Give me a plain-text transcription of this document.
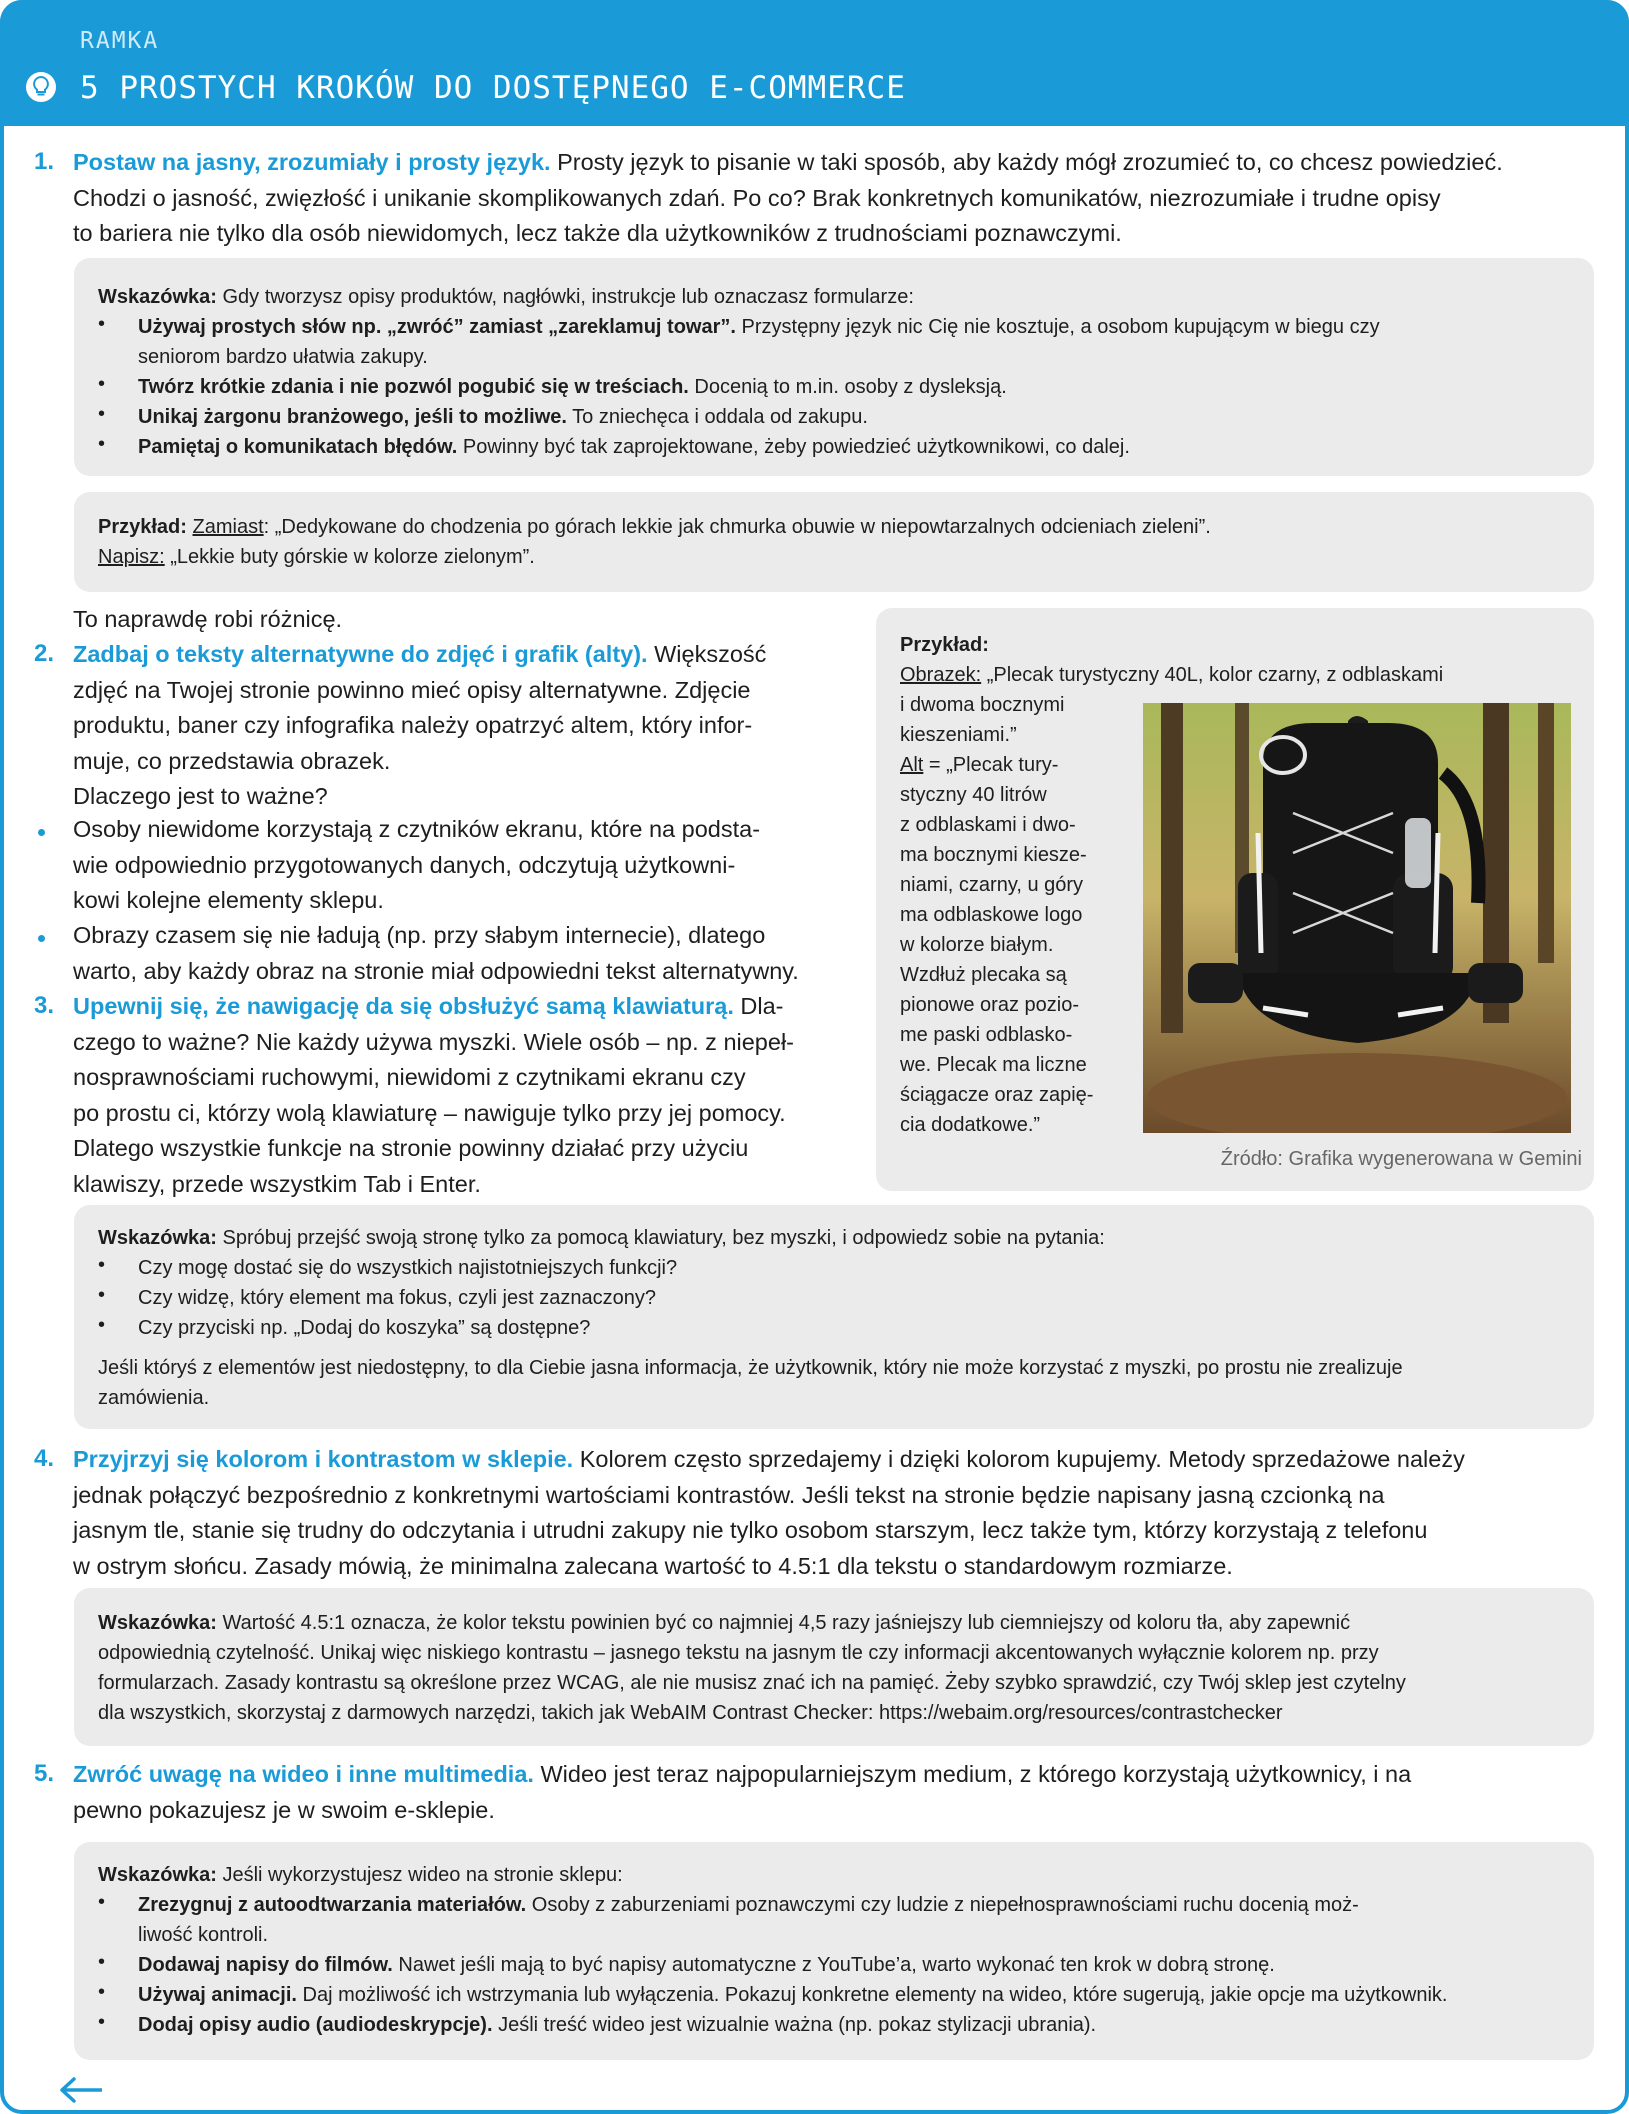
RAMKA
5 PROSTYCH KROKÓW DO DOSTĘPNEGO E-COMMERCE
1. Postaw na jasny, zrozumiały i prosty język. Prosty język to pisanie w taki sposób, aby każdy mógł zrozumieć to, co chcesz powiedzieć.
Chodzi o jasność, zwięzłość i unikanie skomplikowanych zdań. Po co? Brak konkretnych komunikatów, niezrozumiałe i trudne opisy
to bariera nie tylko dla osób niewidomych, lecz także dla użytkowników z trudnościami poznawczymi.
Wskazówka: Gdy tworzysz opisy produktów, nagłówki, instrukcje lub oznaczasz formularze:
• Używaj prostych słów np. „zwróć” zamiast „zareklamuj towar”. Przystępny język nic Cię nie kosztuje, a osobom kupującym w biegu czy
seniorom bardzo ułatwia zakupy.
• Twórz krótkie zdania i nie pozwól pogubić się w treściach. Docenią to m.in. osoby z dysleksją.
• Unikaj żargonu branżowego, jeśli to możliwe. To zniechęca i oddala od zakupu.
• Pamiętaj o komunikatach błędów. Powinny być tak zaprojektowane, żeby powiedzieć użytkownikowi, co dalej.
Przykład: Zamiast: „Dedykowane do chodzenia po górach lekkie jak chmurka obuwie w niepowtarzalnych odcieniach zieleni”.
Napisz: „Lekkie buty górskie w kolorze zielonym”.
To naprawdę robi różnicę.
2. Zadbaj o teksty alternatywne do zdjęć i grafik (alty). Większość
zdjęć na Twojej stronie powinno mieć opisy alternatywne. Zdjęcie
produktu, baner czy infografika należy opatrzyć altem, który infor-
muje, co przedstawia obrazek.
Dlaczego jest to ważne?
Osoby niewidome korzystają z czytników ekranu, które na podsta-
wie odpowiednio przygotowanych danych, odczytują użytkowni-
kowi kolejne elementy sklepu.
Obrazy czasem się nie ładują (np. przy słabym internecie), dlatego
warto, aby każdy obraz na stronie miał odpowiedni tekst alternatywny.
3. Upewnij się, że nawigację da się obsłużyć samą klawiaturą. Dla-
czego to ważne? Nie każdy używa myszki. Wiele osób – np. z niepeł-
nosprawnościami ruchowymi, niewidomi z czytnikami ekranu czy
po prostu ci, którzy wolą klawiaturę – nawiguje tylko przy jej pomocy.
Dlatego wszystkie funkcje na stronie powinny działać przy użyciu
klawiszy, przede wszystkim Tab i Enter.
Przykład:
Obrazek: „Plecak turystyczny 40L, kolor czarny, z odblaskami
i dwoma bocznymi
kieszeniami.”
Alt = „Plecak tury-
styczny 40 litrów
z odblaskami i dwo-
ma bocznymi kiesze-
niami, czarny, u góry
ma odblaskowe logo
w kolorze białym.
Wzdłuż plecaka są
pionowe oraz pozio-
me paski odblasko-
we. Plecak ma liczne
ściągacze oraz zapię-
cia dodatkowe.”
Źródło: Grafika wygenerowana w Gemini
Wskazówka: Spróbuj przejść swoją stronę tylko za pomocą klawiatury, bez myszki, i odpowiedz sobie na pytania:
• Czy mogę dostać się do wszystkich najistotniejszych funkcji?
• Czy widzę, który element ma fokus, czyli jest zaznaczony?
• Czy przyciski np. „Dodaj do koszyka” są dostępne?
Jeśli któryś z elementów jest niedostępny, to dla Ciebie jasna informacja, że użytkownik, który nie może korzystać z myszki, po prostu nie zrealizuje
zamówienia.
4. Przyjrzyj się kolorom i kontrastom w sklepie. Kolorem często sprzedajemy i dzięki kolorom kupujemy. Metody sprzedażowe należy
jednak połączyć bezpośrednio z konkretnymi wartościami kontrastów. Jeśli tekst na stronie będzie napisany jasną czcionką na
jasnym tle, stanie się trudny do odczytania i utrudni zakupy nie tylko osobom starszym, lecz także tym, którzy korzystają z telefonu
w ostrym słońcu. Zasady mówią, że minimalna zalecana wartość to 4.5:1 dla tekstu o standardowym rozmiarze.
Wskazówka: Wartość 4.5:1 oznacza, że kolor tekstu powinien być co najmniej 4,5 razy jaśniejszy lub ciemniejszy od koloru tła, aby zapewnić
odpowiednią czytelność. Unikaj więc niskiego kontrastu – jasnego tekstu na jasnym tle czy informacji akcentowanych wyłącznie kolorem np. przy
formularzach. Zasady kontrastu są określone przez WCAG, ale nie musisz znać ich na pamięć. Żeby szybko sprawdzić, czy Twój sklep jest czytelny
dla wszystkich, skorzystaj z darmowych narzędzi, takich jak WebAIM Contrast Checker: https://webaim.org/resources/contrastchecker
5. Zwróć uwagę na wideo i inne multimedia. Wideo jest teraz najpopularniejszym medium, z którego korzystają użytkownicy, i na
pewno pokazujesz je w swoim e-sklepie.
Wskazówka: Jeśli wykorzystujesz wideo na stronie sklepu:
• Zrezygnuj z autoodtwarzania materiałów. Osoby z zaburzeniami poznawczymi czy ludzie z niepełnosprawnościami ruchu docenią moż-
liwość kontroli.
• Dodawaj napisy do filmów. Nawet jeśli mają to być napisy automatyczne z YouTube’a, warto wykonać ten krok w dobrą stronę.
• Używaj animacji. Daj możliwość ich wstrzymania lub wyłączenia. Pokazuj konkretne elementy na wideo, które sugerują, jakie opcje ma użytkownik.
• Dodaj opisy audio (audiodeskrypcje). Jeśli treść wideo jest wizualnie ważna (np. pokaz stylizacji ubrania).
